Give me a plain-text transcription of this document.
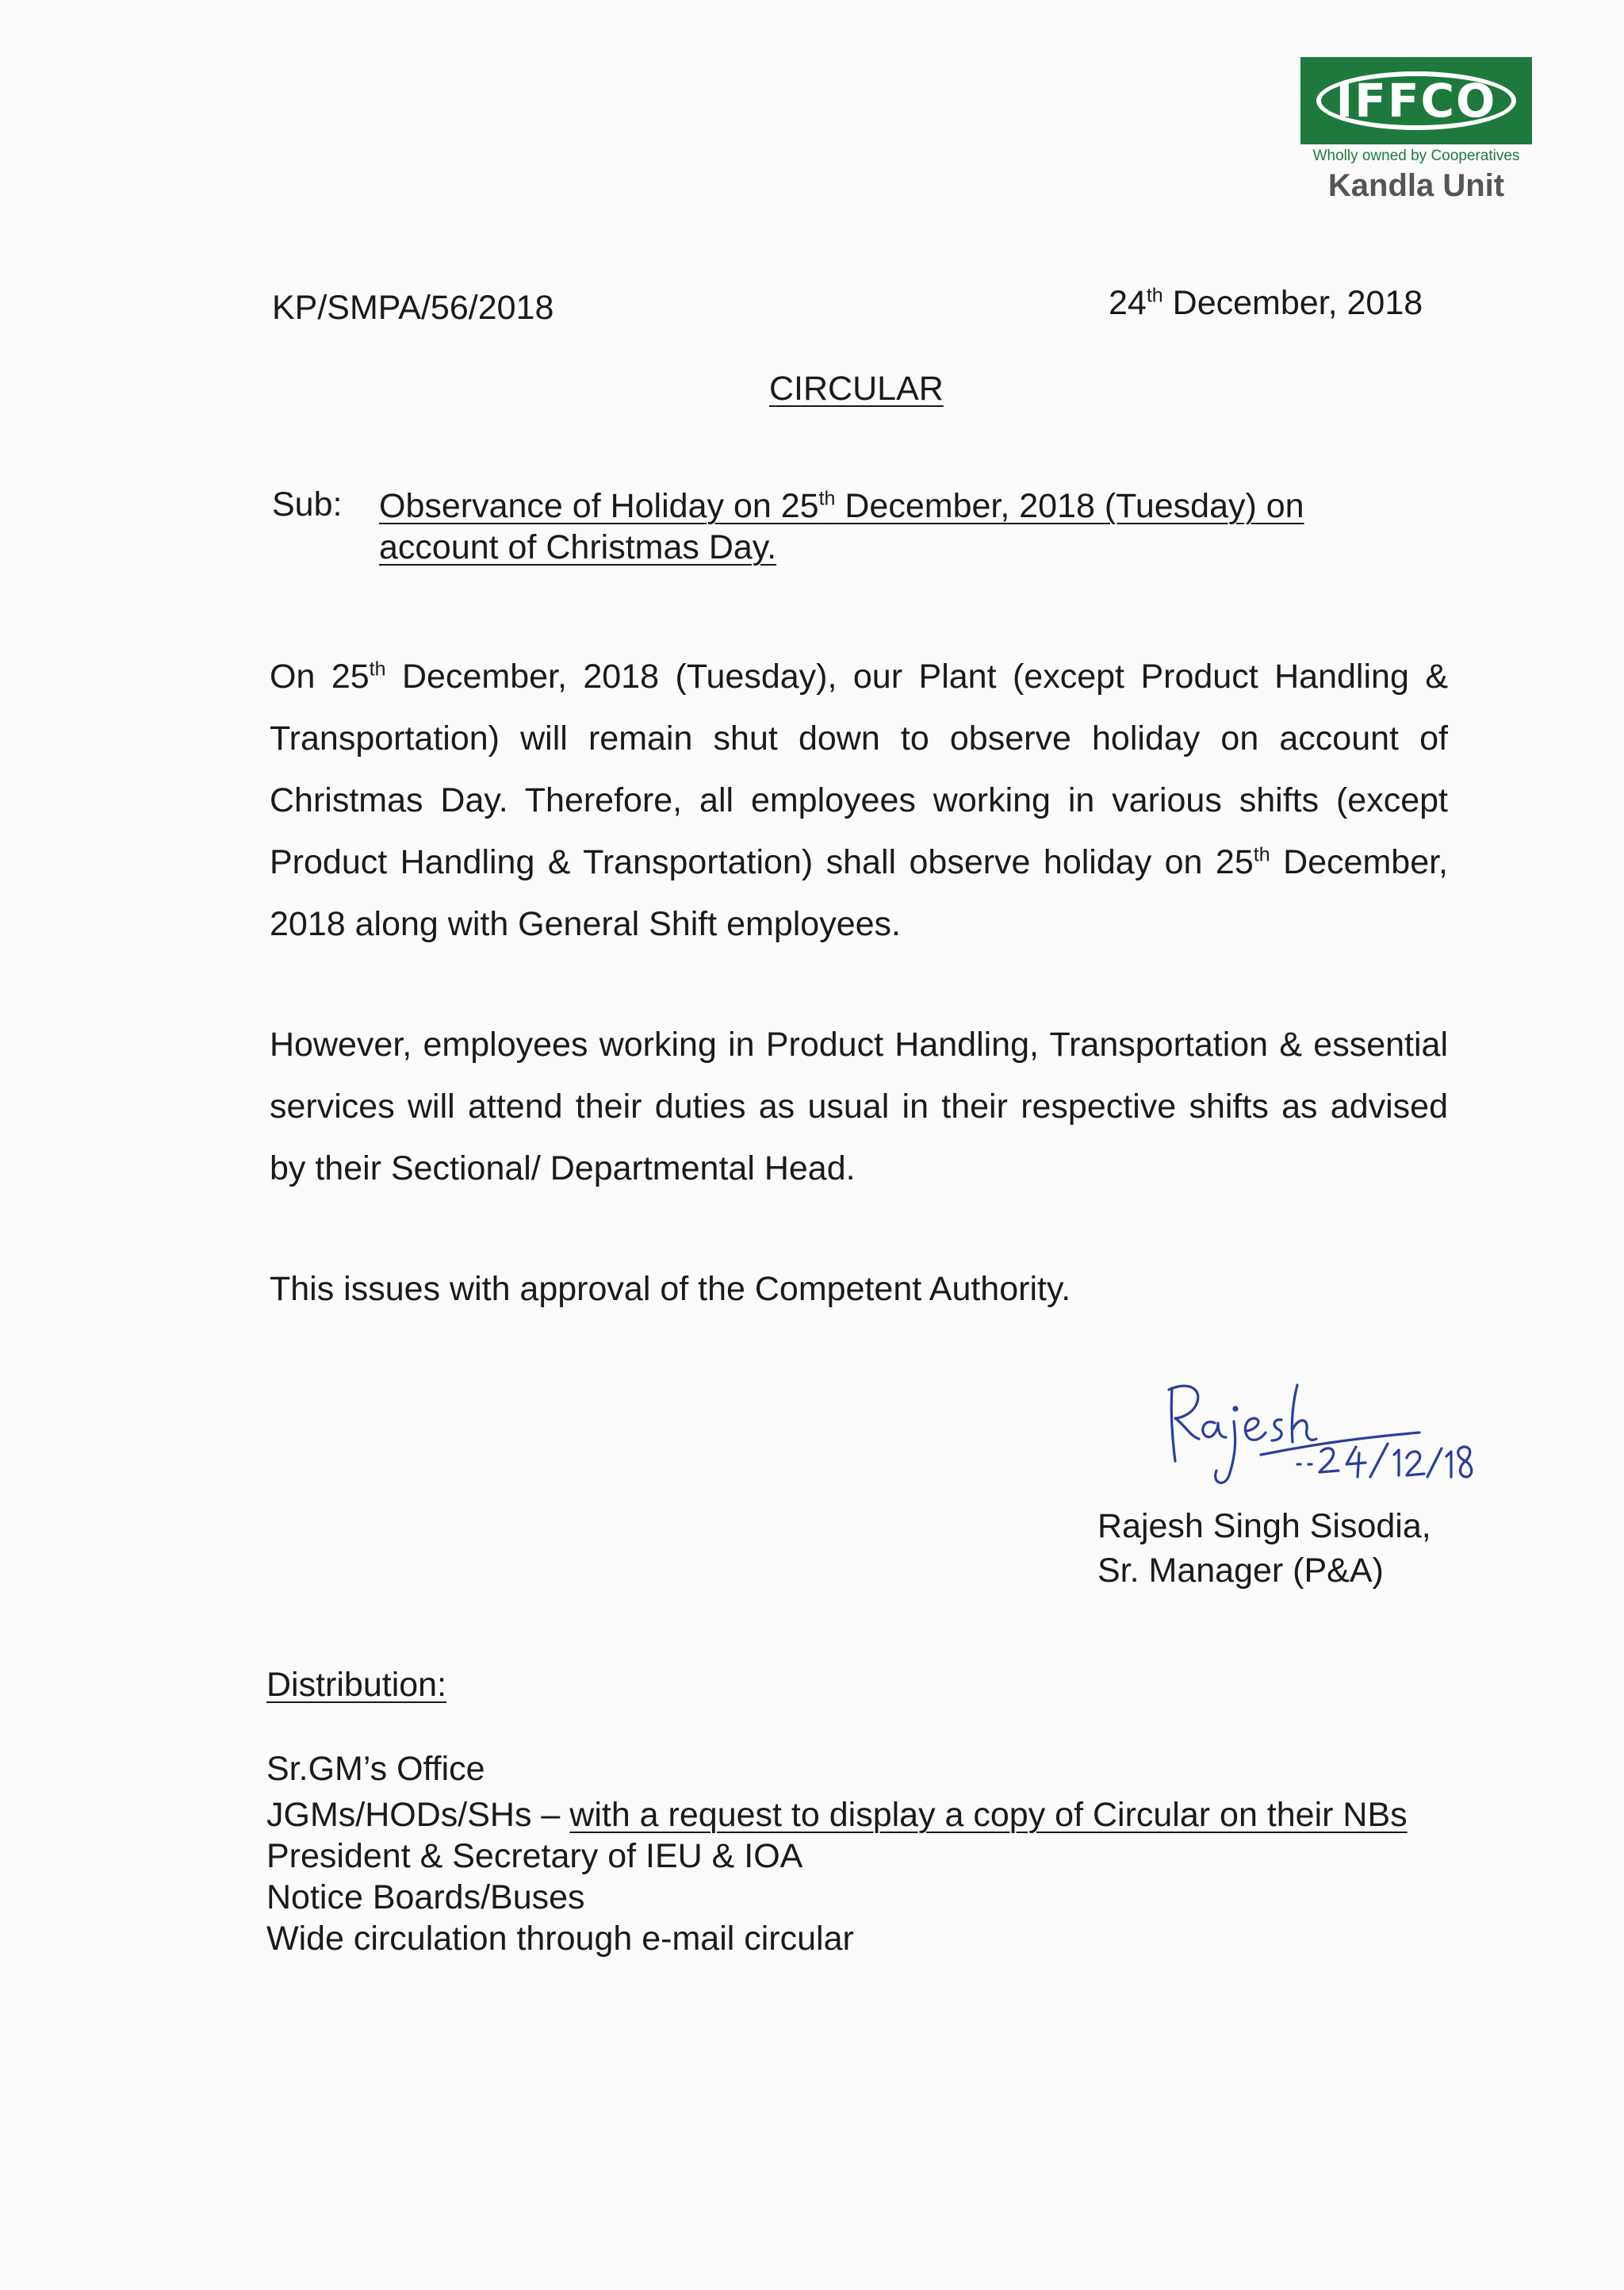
IFFCO
Wholly owned by Cooperatives
Kandla Unit
KP/SMPA/56/2018	24th December, 2018
CIRCULAR
Sub: Observance of Holiday on 25th December, 2018 (Tuesday) on
account of Christmas Day.

On 25th December, 2018 (Tuesday), our Plant (except Product Handling & Transportation) will remain shut down to observe holiday on account of Christmas Day. Therefore, all employees working in various shifts (except Product Handling & Transportation) shall observe holiday on 25th December, 2018 along with General Shift employees.

However, employees working in Product Handling, Transportation & essential services will attend their duties as usual in their respective shifts as advised by their Sectional/ Departmental Head.

This issues with approval of the Competent Authority.

Rajesh Singh Sisodia,
Sr. Manager (P&A)
Distribution:
Sr.GM’s Office
JGMs/HODs/SHs – with a request to display a copy of Circular on their NBs
President & Secretary of IEU & IOA
Notice Boards/Buses
Wide circulation through e-mail circular
